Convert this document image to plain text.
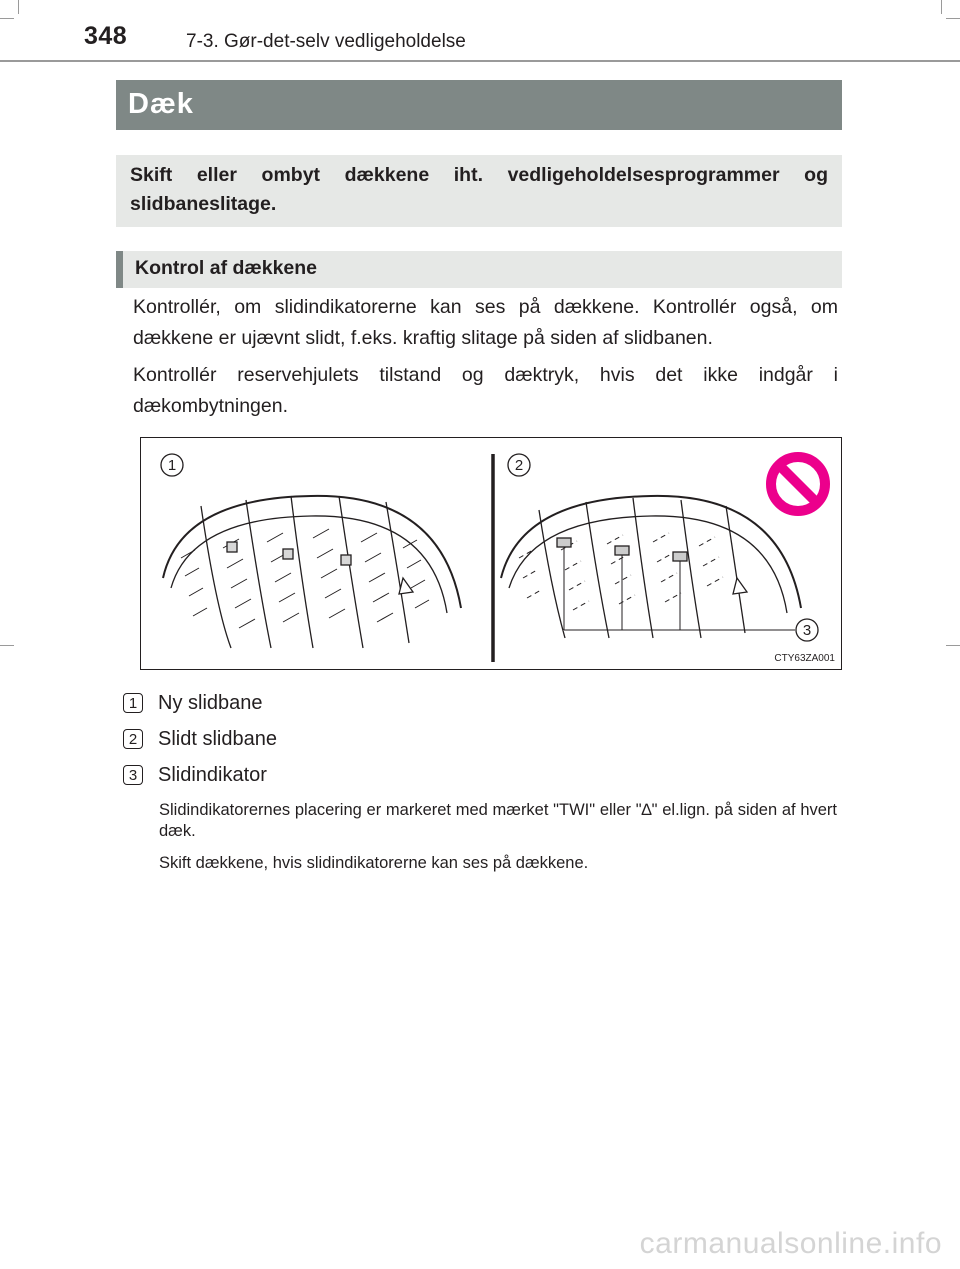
348	7-3. Gør-det-selv vedligeholdelse
Dæk
Skift eller ombyt dækkene iht. vedligeholdelsesprogrammer og slidbaneslitage.
Kontrol af dækkene
Kontrollér, om slidindikatorerne kan ses på dækkene. Kontrollér også, om dækkene er ujævnt slidt, f.eks. kraftig slitage på siden af slidbanen.
Kontrollér reservehjulets tilstand og dæktryk, hvis det ikke indgår i dækombytningen.
1	2
3
CTY63ZA001
1 Ny slidbane
2 Slidt slidbane
3 Slidindikator
Slidindikatorernes placering er markeret med mærket "TWI" eller "∆" el.lign. på siden af hvert dæk.
Skift dækkene, hvis slidindikatorerne kan ses på dækkene.
carmanualsonline.info
